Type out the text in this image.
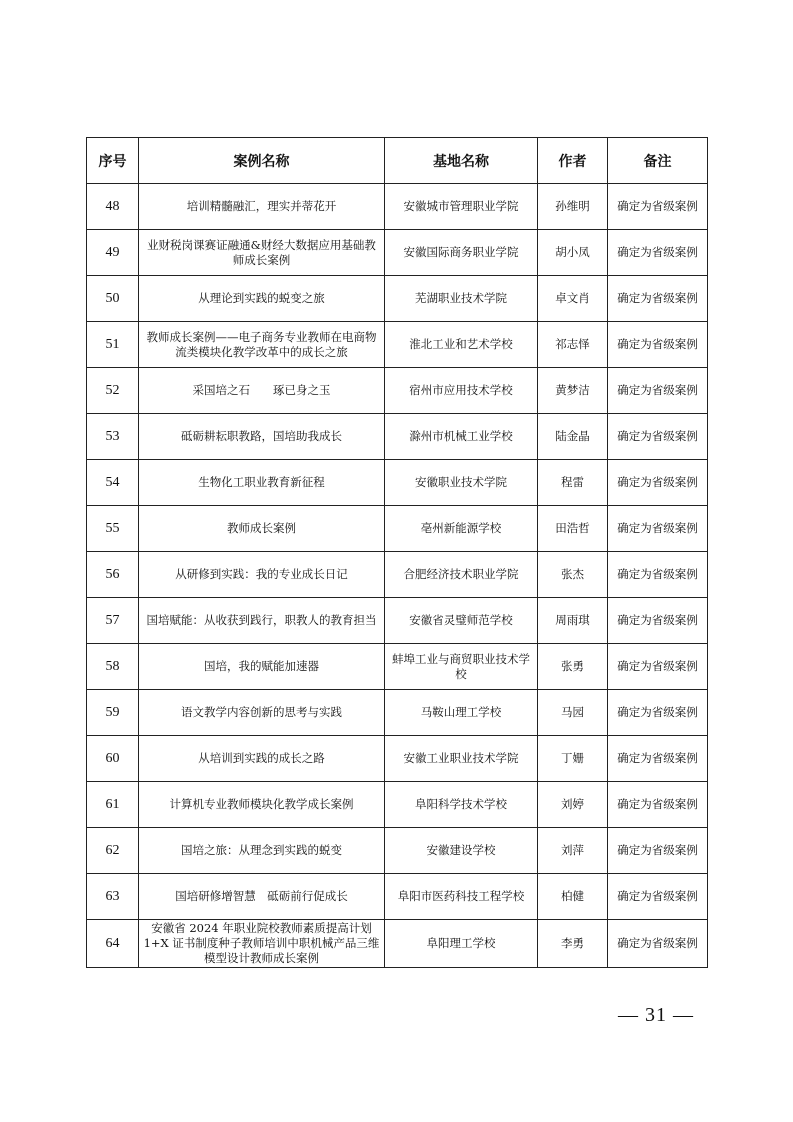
序号	案例名称	基地名称	作者	备注
48	培训精髓融汇，理实并蒂花开	安徽城市管理职业学院	孙维明	确定为省级案例
49	业财税岗课赛证融通&财经大数据应用基础教师成长案例	安徽国际商务职业学院	胡小凤	确定为省级案例
50	从理论到实践的蜕变之旅	芜湖职业技术学院	卓文肖	确定为省级案例
51	教师成长案例——电子商务专业教师在电商物流类模块化教学改革中的成长之旅	淮北工业和艺术学校	祁志怿	确定为省级案例
52	采国培之石　　琢已身之玉	宿州市应用技术学校	黄梦洁	确定为省级案例
53	砥砺耕耘职教路，国培助我成长	滁州市机械工业学校	陆金晶	确定为省级案例
54	生物化工职业教育新征程	安徽职业技术学院	程雷	确定为省级案例
55	教师成长案例	亳州新能源学校	田浩哲	确定为省级案例
56	从研修到实践：我的专业成长日记	合肥经济技术职业学院	张杰	确定为省级案例
57	国培赋能：从收获到践行，职教人的教育担当	安徽省灵璧师范学校	周雨琪	确定为省级案例
58	国培，我的赋能加速器	蚌埠工业与商贸职业技术学校	张勇	确定为省级案例
59	语文教学内容创新的思考与实践	马鞍山理工学校	马园	确定为省级案例
60	从培训到实践的成长之路	安徽工业职业技术学院	丁姗	确定为省级案例
61	计算机专业教师模块化教学成长案例	阜阳科学技术学校	刘婷	确定为省级案例
62	国培之旅：从理念到实践的蜕变	安徽建设学校	刘萍	确定为省级案例
63	国培研修增智慧　砥砺前行促成长	阜阳市医药科技工程学校	柏健	确定为省级案例
64	安徽省 2024 年职业院校教师素质提高计划 1+X 证书制度种子教师培训中职机械产品三维模型设计教师成长案例	阜阳理工学校	李勇	确定为省级案例
— 31 —
